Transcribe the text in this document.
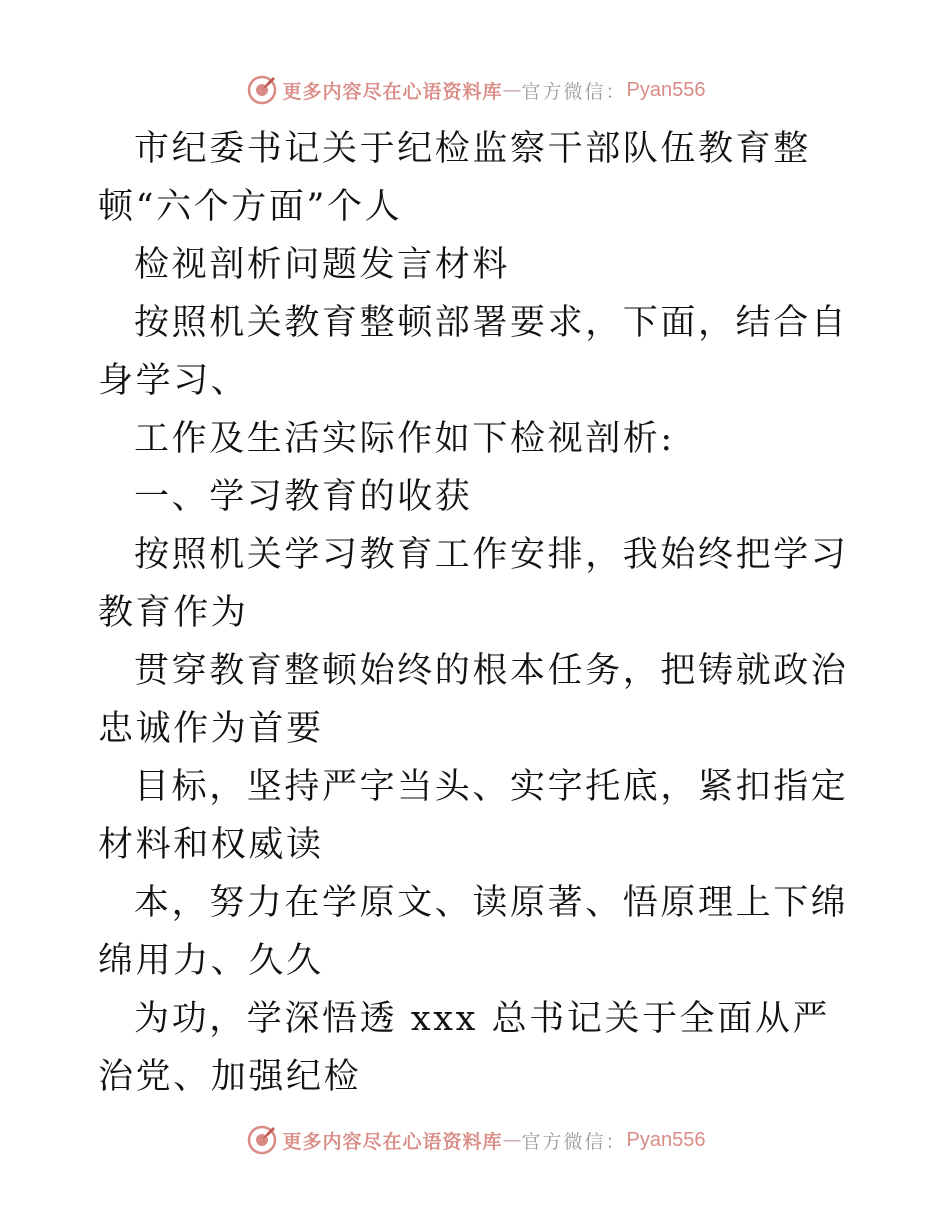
更多内容尽在心语资料库 — 官方微信： Pyan556

市纪委书记关于纪检监察干部队伍教育整顿“六个方面”个人

检视剖析问题发言材料

按照机关教育整顿部署要求，下面，结合自身学习、

工作及生活实际作如下检视剖析:

一、学习教育的收获

按照机关学习教育工作安排，我始终把学习教育作为

贯穿教育整顿始终的根本任务，把铸就政治忠诚作为首要

目标，坚持严字当头、实字托底，紧扣指定材料和权威读

本，努力在学原文、读原著、悟原理上下绵绵用力、久久

为功，学深悟透 xxx 总书记关于全面从严治党、加强纪检

更多内容尽在心语资料库 — 官方微信： Pyan556
